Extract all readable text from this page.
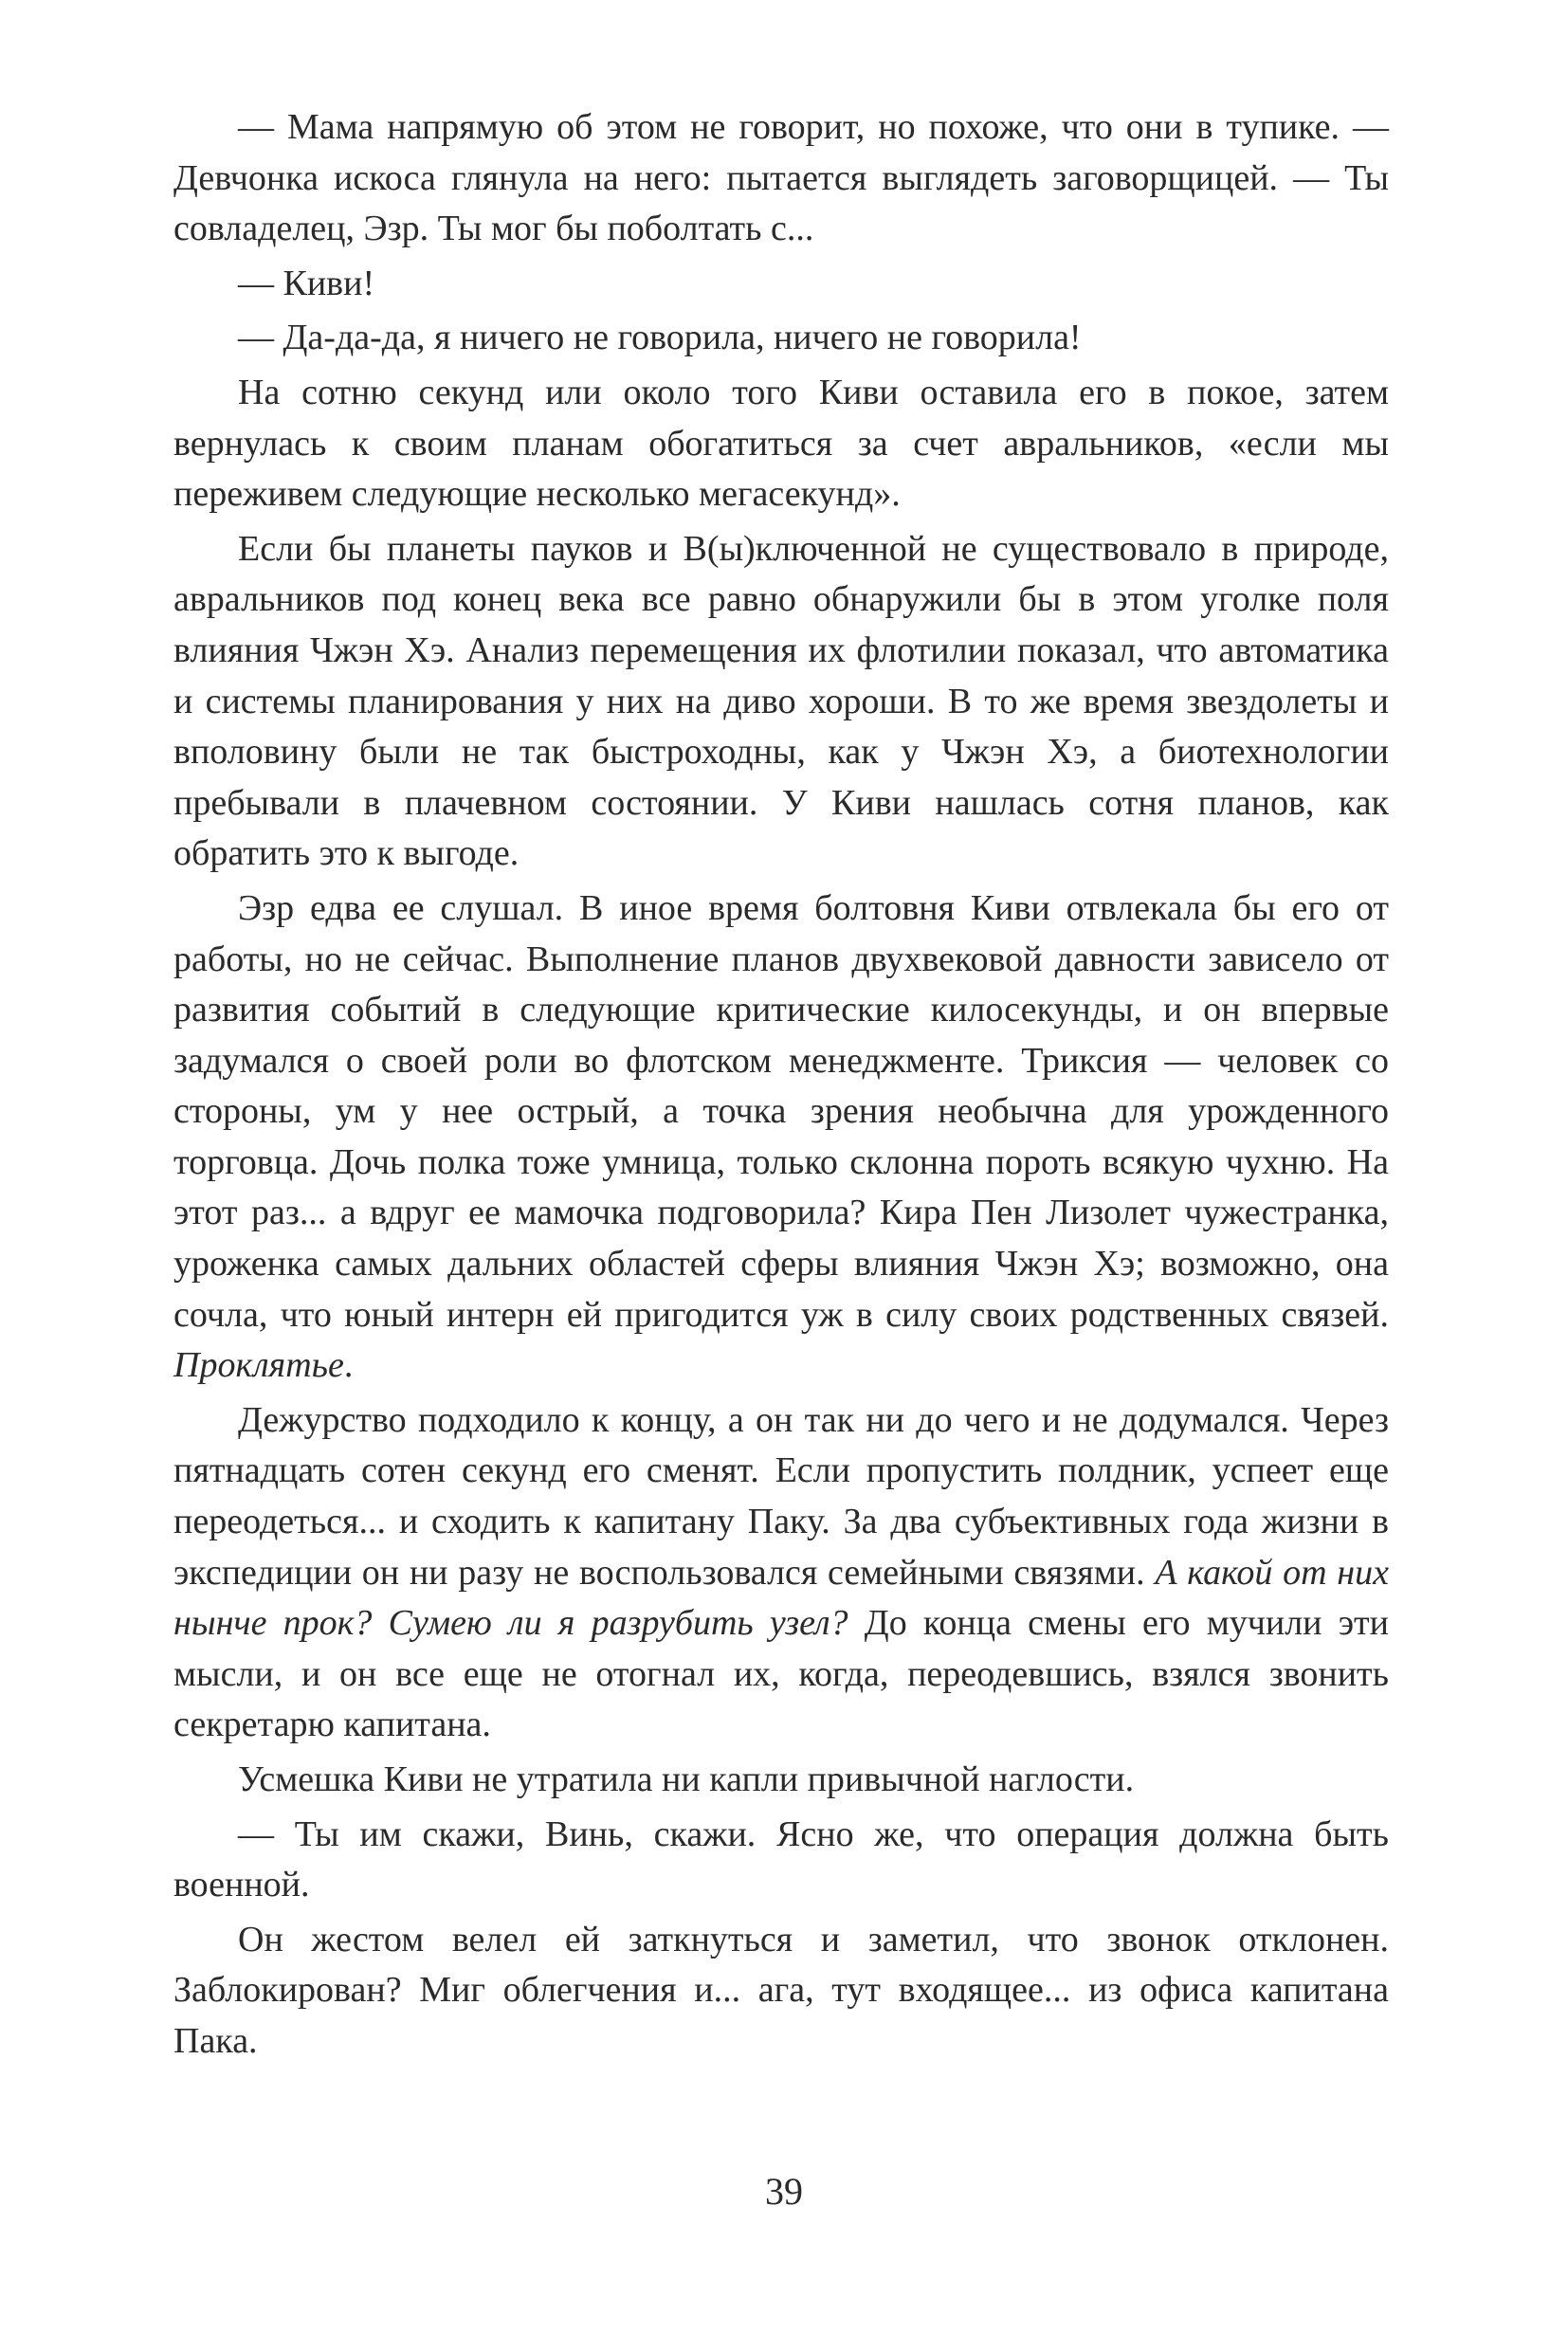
— Мама напрямую об этом не говорит, но похоже, что они в тупике. — Девчонка искоса глянула на него: пытается выглядеть заговорщицей. — Ты совладелец, Эзр. Ты мог бы поболтать с...

— Киви!

— Да-да-да, я ничего не говорила, ничего не говорила!

На сотню секунд или около того Киви оставила его в покое, затем вернулась к своим планам обогатиться за счет авральников, «если мы переживем следующие несколько мегасекунд».

Если бы планеты пауков и В(ы)ключенной не существовало в природе, авральников под конец века все равно обнаружили бы в этом уголке поля влияния Чжэн Хэ. Анализ перемещения их флотилии показал, что автоматика и системы планирования у них на диво хороши. В то же время звездолеты и вполовину были не так быстроходны, как у Чжэн Хэ, а биотехнологии пребывали в плачевном состоянии. У Киви нашлась сотня планов, как обратить это к выгоде.

Эзр едва ее слушал. В иное время болтовня Киви отвлекала бы его от работы, но не сейчас. Выполнение планов двухвековой давности зависело от развития событий в следующие критические килосекунды, и он впервые задумался о своей роли во флотском менеджменте. Триксия — человек со стороны, ум у нее острый, а точка зрения необычна для урожденного торговца. Дочь полка тоже умница, только склонна пороть всякую чухню. На этот раз... а вдруг ее мамочка подговорила? Кира Пен Лизолет чужестранка, уроженка самых дальних областей сферы влияния Чжэн Хэ; возможно, она сочла, что юный интерн ей пригодится уж в силу своих родственных связей. Проклятье.

Дежурство подходило к концу, а он так ни до чего и не додумался. Через пятнадцать сотен секунд его сменят. Если пропустить полдник, успеет еще переодеться... и сходить к капитану Паку. За два субъективных года жизни в экспедиции он ни разу не воспользовался семейными связями. А какой от них нынче прок? Сумею ли я разрубить узел? До конца смены его мучили эти мысли, и он все еще не отогнал их, когда, переодевшись, взялся звонить секретарю капитана.

Усмешка Киви не утратила ни капли привычной наглости.

— Ты им скажи, Винь, скажи. Ясно же, что операция должна быть военной.

Он жестом велел ей заткнуться и заметил, что звонок отклонен. Заблокирован? Миг облегчения и... ага, тут входящее... из офиса капитана Пака.

39
